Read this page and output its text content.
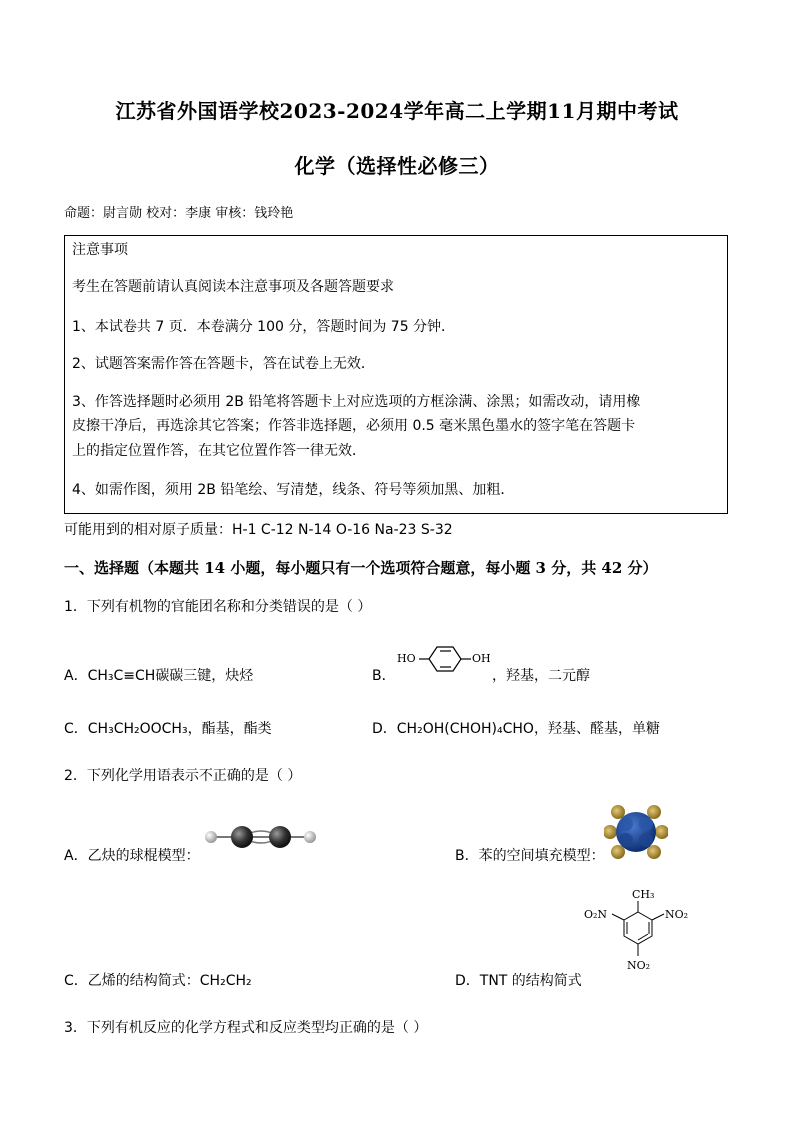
江苏省外国语学校2023-2024学年高二上学期11月期中考试
化学（选择性必修三）
命题：尉言勋 校对：李康 审核：钱玲艳
注意事项
考生在答题前请认真阅读本注意事项及各题答题要求
1、本试卷共 7 页．本卷满分 100 分，答题时间为 75 分钟．
2、试题答案需作答在答题卡，答在试卷上无效．
3、作答选择题时必须用 2B 铅笔将答题卡上对应选项的方框涂满、涂黑；如需改动，请用橡
皮擦干净后，再选涂其它答案；作答非选择题，必须用 0.5 毫米黑色墨水的签字笔在答题卡
上的指定位置作答，在其它位置作答一律无效．
4、如需作图，须用 2B 铅笔绘、写清楚，线条、符号等须加黑、加粗．
可能用到的相对原子质量：H-1 C-12 N-14 O-16 Na-23 S-32
一、选择题（本题共 14 小题，每小题只有一个选项符合题意，每小题 3 分，共 42 分）
1．下列有机物的官能团名称和分类错误的是（ ）
A．CH₃C≡CH碳碳三键，炔烃	B．
HO	OH
，羟基，二元醇
C．CH₃CH₂OOCH₃，酯基，酯类	D．CH₂OH(CHOH)₄CHO，羟基、醛基，单糖
2．下列化学用语表示不正确的是（ ）
A．乙炔的球棍模型：	B．苯的空间填充模型：
C．乙烯的结构简式：CH₂CH₂
CH₃
O₂N	NO₂
NO₂
D．TNT 的结构简式
3．下列有机反应的化学方程式和反应类型均正确的是（ ）
